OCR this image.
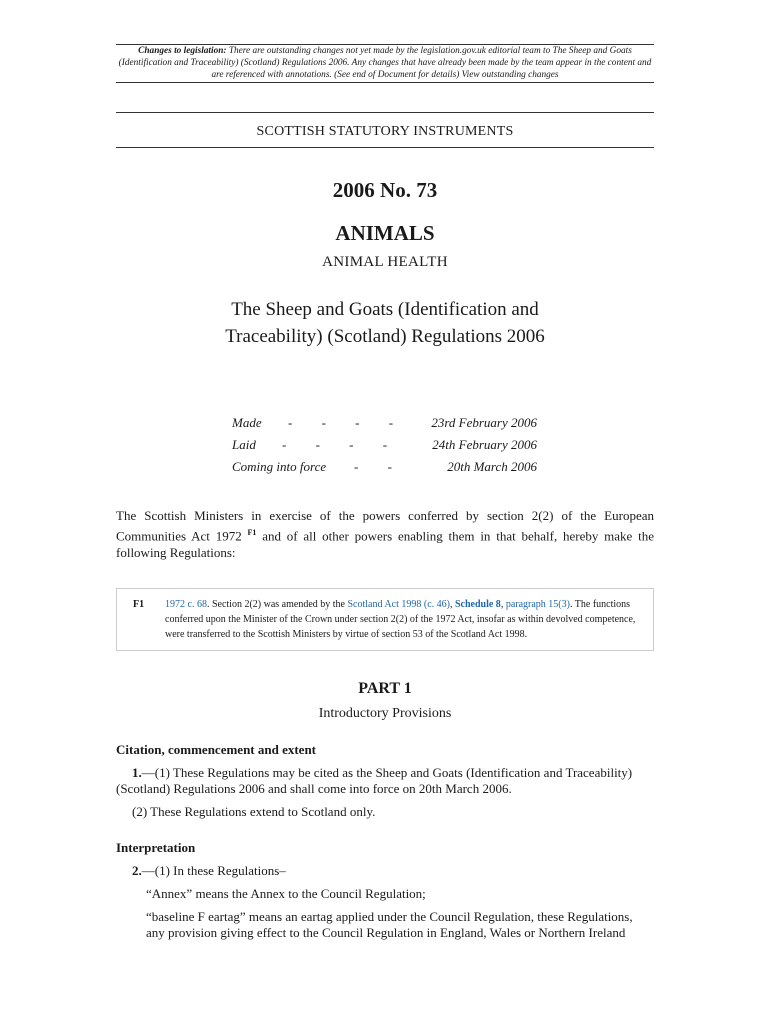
Changes to legislation: There are outstanding changes not yet made by the legislation.gov.uk editorial team to The Sheep and Goats (Identification and Traceability) (Scotland) Regulations 2006. Any changes that have already been made by the team appear in the content and are referenced with annotations. (See end of Document for details) View outstanding changes
SCOTTISH STATUTORY INSTRUMENTS
2006 No. 73
ANIMALS
ANIMAL HEALTH
The Sheep and Goats (Identification and
Traceability) (Scotland) Regulations 2006
Made - - - - 23rd February 2006
Laid - - - - 24th February 2006
Coming into force - -	20th March 2006
The Scottish Ministers in exercise of the powers conferred by section 2(2) of the European Communities Act 1972 $^{F1}$ and of all other powers enabling them in that behalf, hereby make the following Regulations:
F1	1972 c. 68. Section 2(2) was amended by the Scotland Act 1998 (c. 46), Schedule 8, paragraph 15(3). The functions conferred upon the Minister of the Crown under section 2(2) of the 1972 Act, insofar as within devolved competence, were transferred to the Scottish Ministers by virtue of section 53 of the Scotland Act 1998.
PART 1
Introductory Provisions
Citation, commencement and extent
1.—(1) These Regulations may be cited as the Sheep and Goats (Identification and Traceability) (Scotland) Regulations 2006 and shall come into force on 20th March 2006.
(2) These Regulations extend to Scotland only.
Interpretation
2.—(1) In these Regulations–
“Annex” means the Annex to the Council Regulation;
“baseline F eartag” means an eartag applied under the Council Regulation, these Regulations, any provision giving effect to the Council Regulation in England, Wales or Northern Ireland
